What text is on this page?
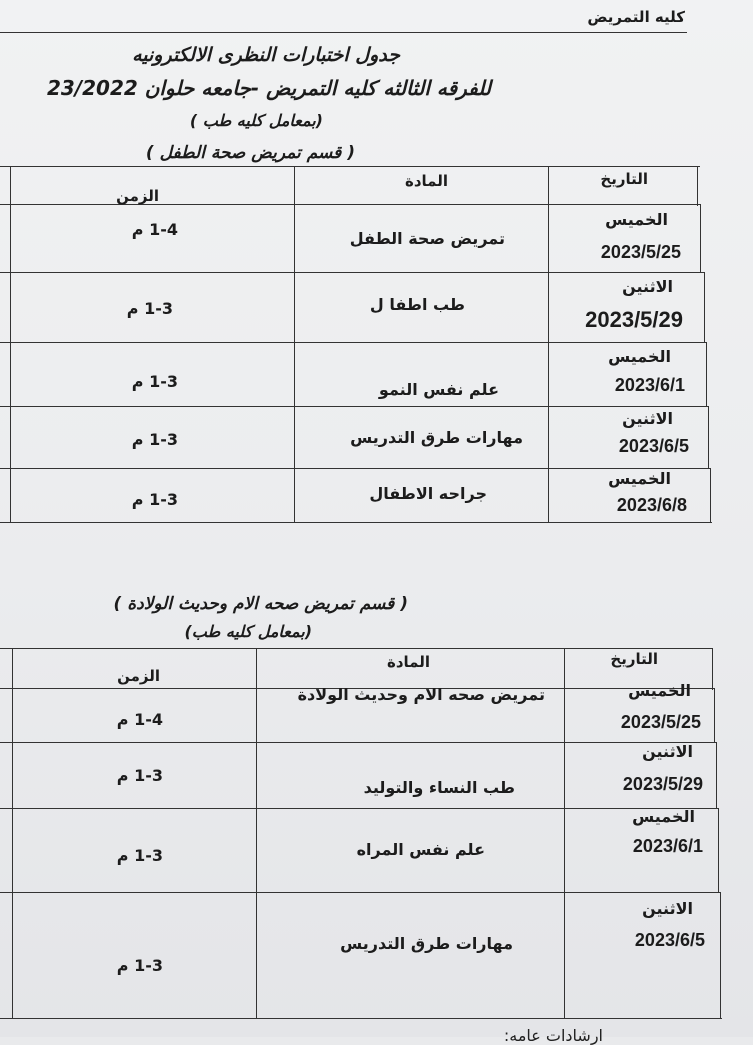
كليه التمريض
جدول اختبارات النظرى الالكترونيه
للفرقه الثالثه كليه التمريض -جامعه حلوان 23/2022
(بمعامل كليه طب )
( قسم تمريض صحة الطفل )
الزمن
المادة	التاريخ
الخميس
2023/5/25
تمريض صحة الطفل
1-4 م
الاثنين
2023/5/29
طب اطفا ل
1-3 م
الخميس
2023/6/1
علم نفس النمو
1-3 م
الاثنين
2023/6/5
مهارات طرق التدريس
1-3 م
الخميس
2023/6/8
جراحه الاطفال
1-3 م
( قسم تمريض صحه الام وحديث الولادة )
(بمعامل كليه طب)
الزمن
المادة	التاريخ
الخميس
2023/5/25
تمريض صحه الام وحديث الولادة
1-4 م
الاثنين
2023/5/29
طب النساء والتوليد
1-3 م
الخميس
2023/6/1
علم نفس المراه
1-3 م
الاثنين
2023/6/5
مهارات طرق التدريس
1-3 م
ارشادات عامه:
